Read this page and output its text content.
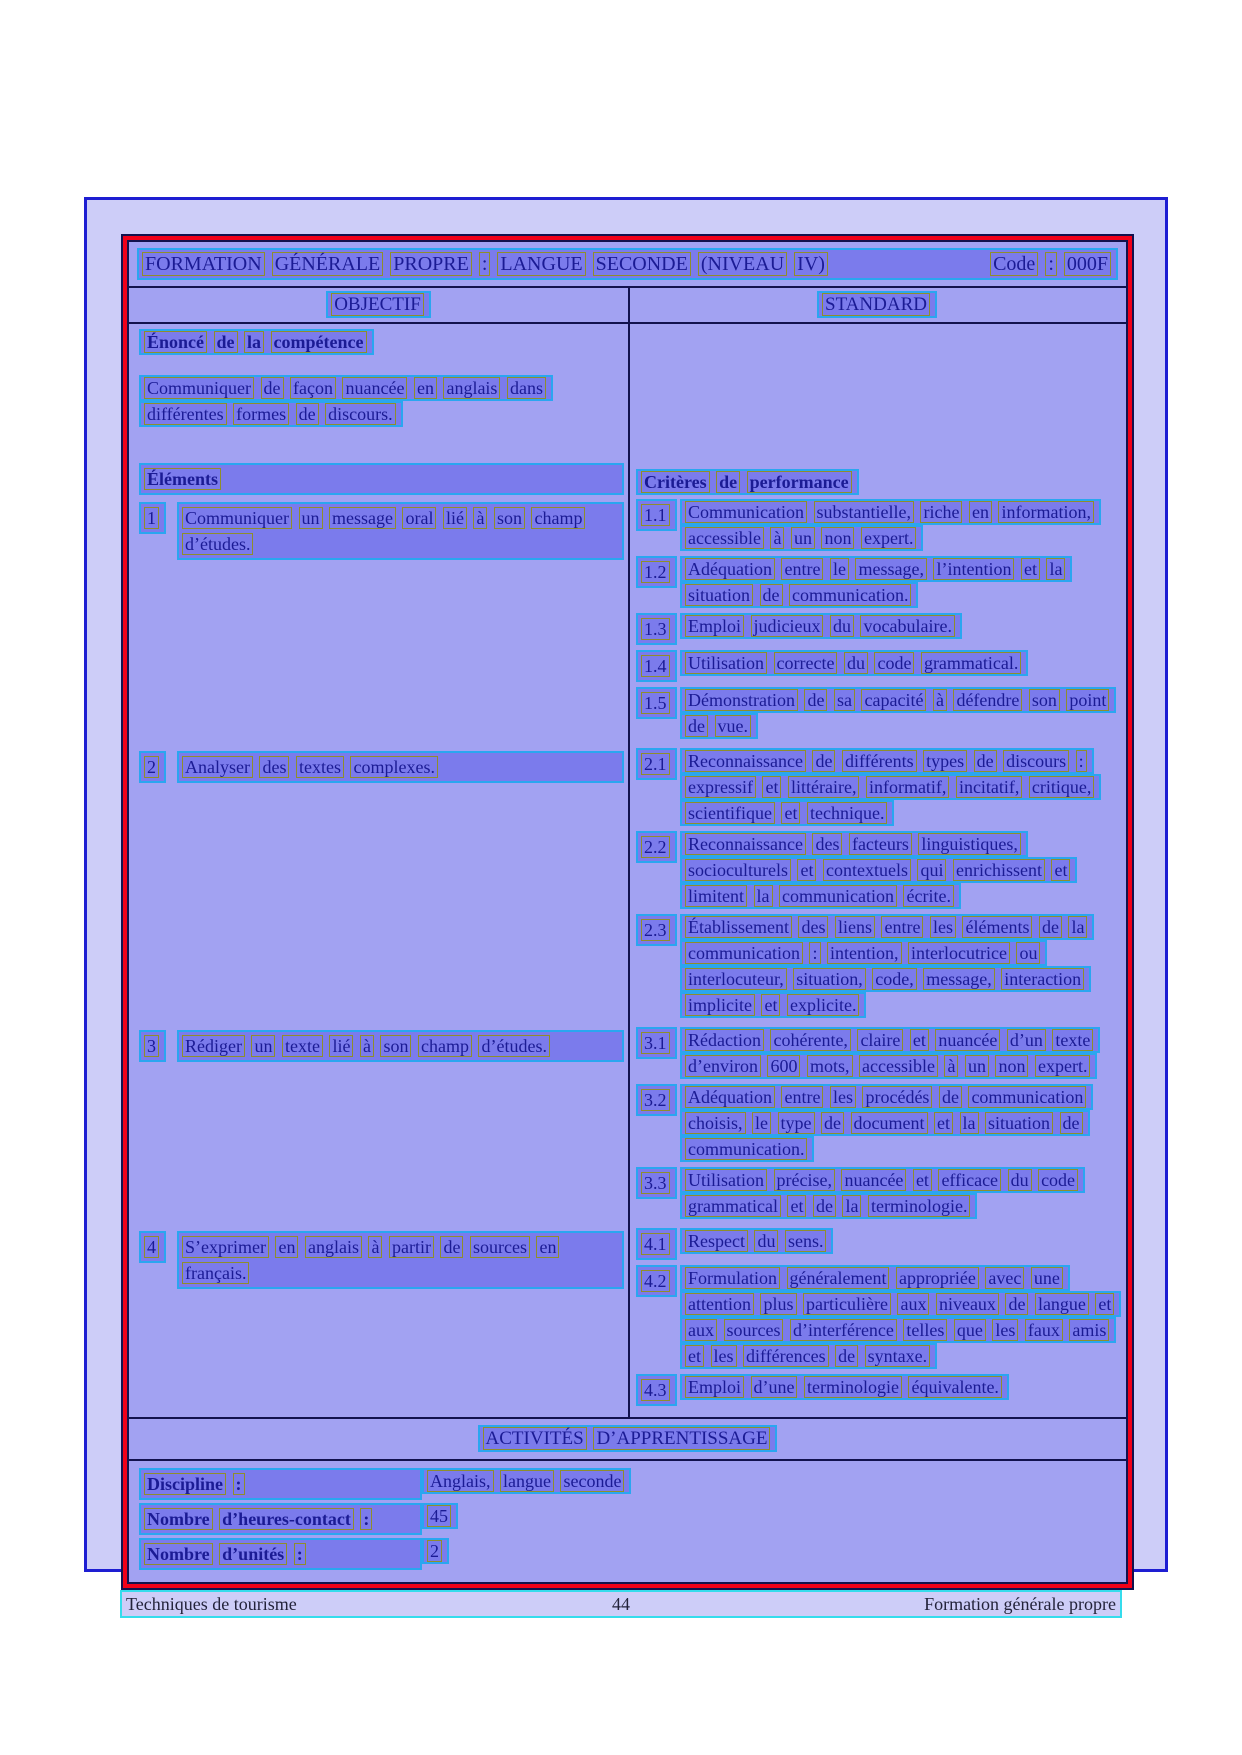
FORMATION GÉNÉRALE PROPRE : LANGUE SECONDE (NIVEAU IV)	Code : 000F
OBJECTIF	STANDARD
Énoncé de la compétence
Communiquer de façon nuancée en anglais dans différentes formes de discours.
Éléments	Critères de performance
1	Communiquer un message oral lié à son champ d’études.
1.1	Communication substantielle, riche en information, accessible à un non expert.
1.2	Adéquation entre le message, l’intention et la situation de communication.
1.3	Emploi judicieux du vocabulaire.
1.4	Utilisation correcte du code grammatical.
1.5	Démonstration de sa capacité à défendre son point de vue.
2	Analyser des textes complexes.	2.1	Reconnaissance de différents types de discours : expressif et littéraire, informatif, incitatif, critique, scientifique et technique.
2.2	Reconnaissance des facteurs linguistiques, socioculturels et contextuels qui enrichissent et limitent la communication écrite.
2.3	Établissement des liens entre les éléments de la communication : intention, interlocutrice ou interlocuteur, situation, code, message, interaction implicite et explicite.
3	Rédiger un texte lié à son champ d’études.	3.1	Rédaction cohérente, claire et nuancée d’un texte d’environ 600 mots, accessible à un non expert.
3.2	Adéquation entre les procédés de communication choisis, le type de document et la situation de communication.
3.3	Utilisation précise, nuancée et efficace du code grammatical et de la terminologie.
4	S’exprimer en anglais à partir de sources en français.
4.1	Respect du sens.
4.2	Formulation généralement appropriée avec une attention plus particulière aux niveaux de langue et aux sources d’interférence telles que les faux amis et les différences de syntaxe.
4.3	Emploi d’une terminologie équivalente.
ACTIVITÉS D’APPRENTISSAGE
Discipline :	Anglais, langue seconde
Nombre d’heures-contact :	45
Nombre d’unités :	2
Techniques de tourisme	44	Formation générale propre
